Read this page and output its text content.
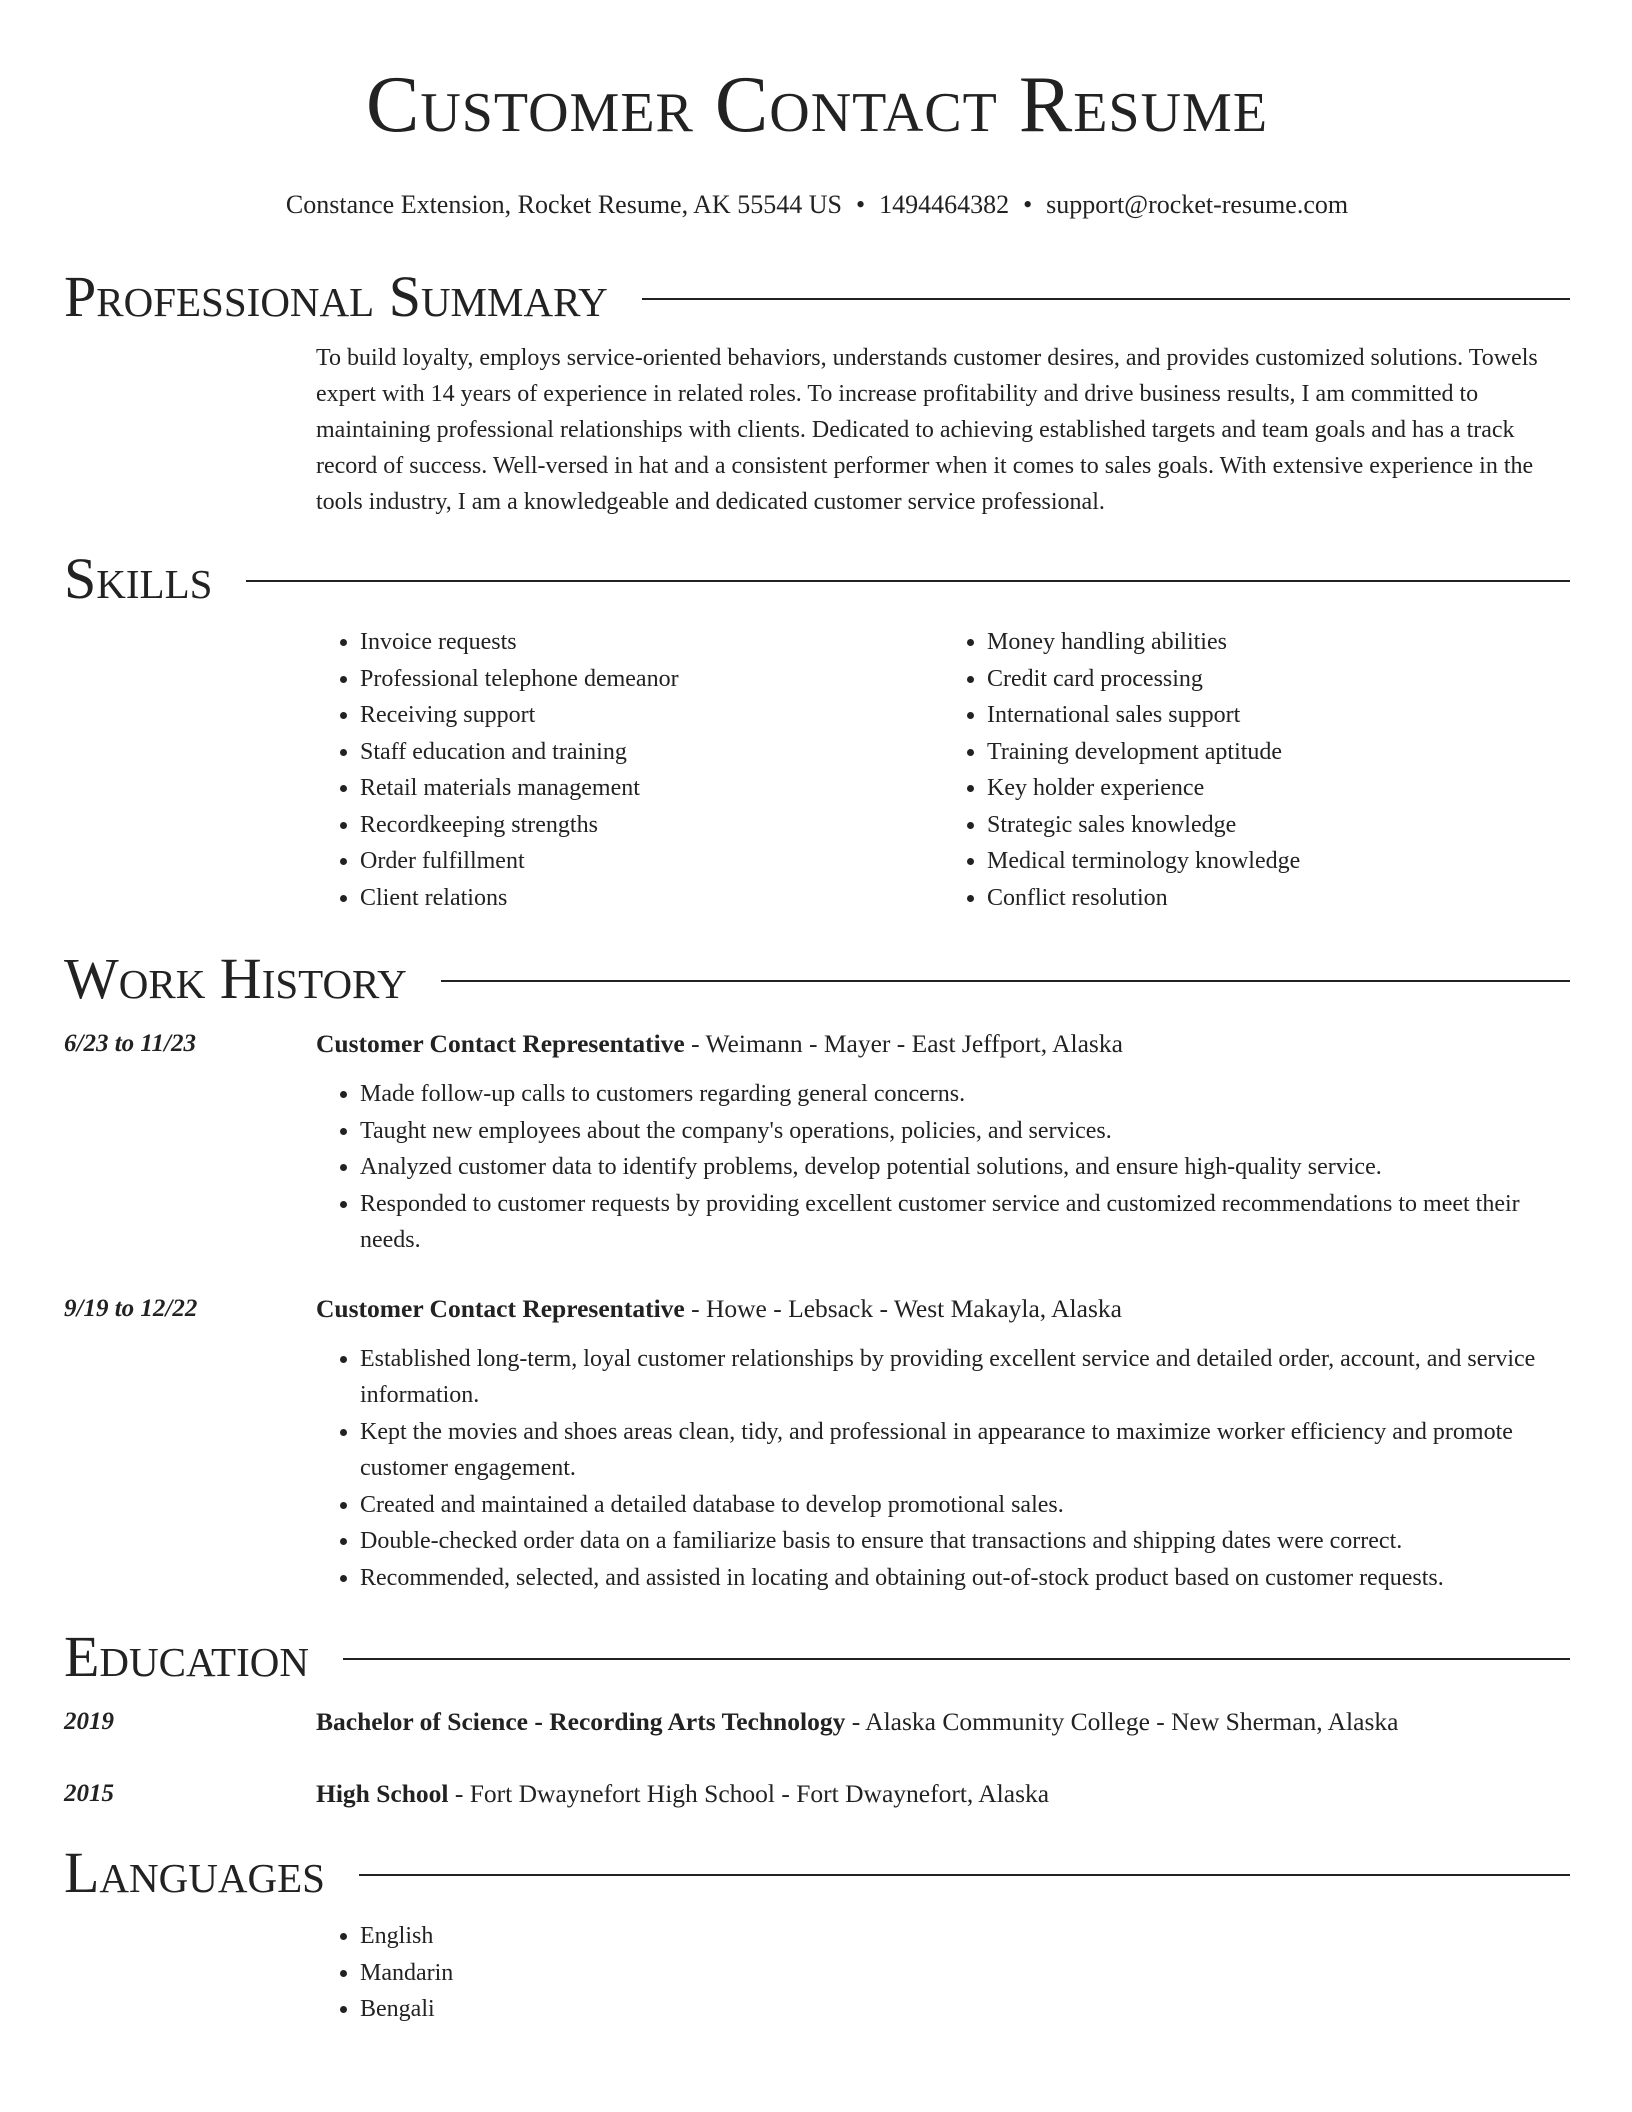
Customer Contact Resume
Constance Extension, Rocket Resume, AK 55544 US • 1494464382 • support@rocket-resume.com
Professional Summary

To build loyalty, employs service-oriented behaviors, understands customer desires, and provides customized solutions. Towels expert with 14 years of experience in related roles. To increase profitability and drive business results, I am committed to maintaining professional relationships with clients. Dedicated to achieving established targets and team goals and has a track record of success. Well-versed in hat and a consistent performer when it comes to sales goals. With extensive experience in the tools industry, I am a knowledgeable and dedicated customer service professional.

Skills
• Invoice requests
• Professional telephone demeanor
• Receiving support
• Staff education and training
• Retail materials management
• Recordkeeping strengths
• Order fulfillment
• Client relations
• Money handling abilities
• Credit card processing
• International sales support
• Training development aptitude
• Key holder experience
• Strategic sales knowledge
• Medical terminology knowledge
• Conflict resolution
Work History
6/23 to 11/23	Customer Contact Representative - Weimann - Mayer - East Jeffport, Alaska
• Made follow-up calls to customers regarding general concerns.
• Taught new employees about the company's operations, policies, and services.
• Analyzed customer data to identify problems, develop potential solutions, and ensure high-quality service.
• Responded to customer requests by providing excellent customer service and customized recommendations to meet their needs.
9/19 to 12/22	Customer Contact Representative - Howe - Lebsack - West Makayla, Alaska
• Established long-term, loyal customer relationships by providing excellent service and detailed order, account, and service information.
• Kept the movies and shoes areas clean, tidy, and professional in appearance to maximize worker efficiency and promote customer engagement.
• Created and maintained a detailed database to develop promotional sales.
• Double-checked order data on a familiarize basis to ensure that transactions and shipping dates were correct.
• Recommended, selected, and assisted in locating and obtaining out-of-stock product based on customer requests.
Education
2019	Bachelor of Science - Recording Arts Technology - Alaska Community College - New Sherman, Alaska
2015	High School - Fort Dwaynefort High School - Fort Dwaynefort, Alaska
Languages
• English
• Mandarin
• Bengali
